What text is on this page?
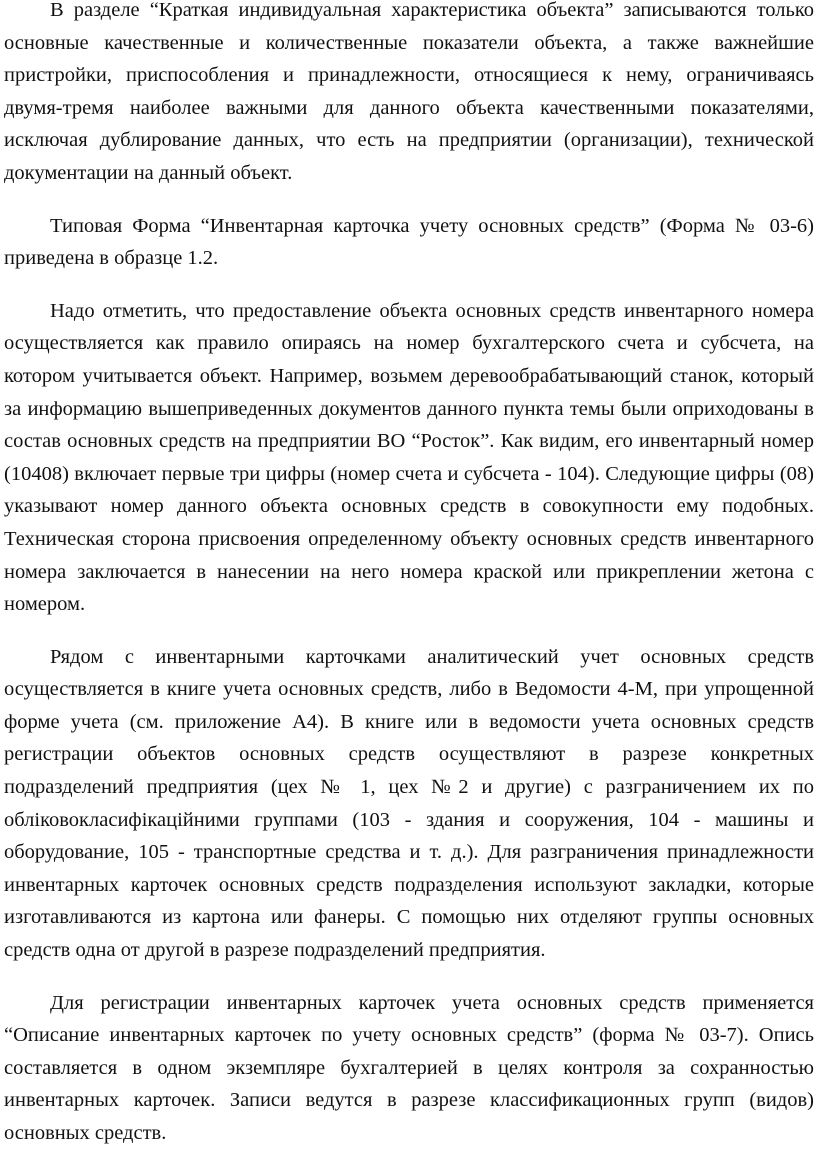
В разделе “Краткая индивидуальная характеристика объекта” записываются только основные качественные и количественные показатели объекта, а также важнейшие пристройки, приспособления и принадлежности, относящиеся к нему, ограничиваясь двумя-тремя наиболее важными для данного объекта качественными показателями, исключая дублирование данных, что есть на предприятии (организации), технической документации на данный объект.

Типовая Форма “Инвентарная карточка учету основных средств” (Форма № 03-6) приведена в образце 1.2.

Надо отметить, что предоставление объекта основных средств инвентарного номера осуществляется как правило опираясь на номер бухгалтерского счета и субсчета, на котором учитывается объект. Например, возьмем деревообрабатывающий станок, который за информацию вышеприведенных документов данного пункта темы были оприходованы в состав основных средств на предприятии ВО “Росток”. Как видим, его инвентарный номер (10408) включает первые три цифры (номер счета и субсчета - 104). Следующие цифры (08) указывают номер данного объекта основных средств в совокупности ему подобных. Техническая сторона присвоения определенному объекту основных средств инвентарного номера заключается в нанесении на него номера краской или прикреплении жетона с номером.

Рядом с инвентарными карточками аналитический учет основных средств осуществляется в книге учета основных средств, либо в Ведомости 4-М, при упрощенной форме учета (см. приложение А4). В книге или в ведомости учета основных средств регистрации объектов основных средств осуществляют в разрезе конкретных подразделений предприятия (цех № 1, цех №2 и другие) с разграничением их по обліковокласифікаційними группами (103 - здания и сооружения, 104 - машины и оборудование, 105 - транспортные средства и т. д.). Для разграничения принадлежности инвентарных карточек основных средств подразделения используют закладки, которые изготавливаются из картона или фанеры. С помощью них отделяют группы основных средств одна от другой в разрезе подразделений предприятия.

Для регистрации инвентарных карточек учета основных средств применяется “Описание инвентарных карточек по учету основных средств” (форма № 03-7). Опись составляется в одном экземпляре бухгалтерией в целях контроля за сохранностью инвентарных карточек. Записи ведутся в разрезе классификационных групп (видов) основных средств.
